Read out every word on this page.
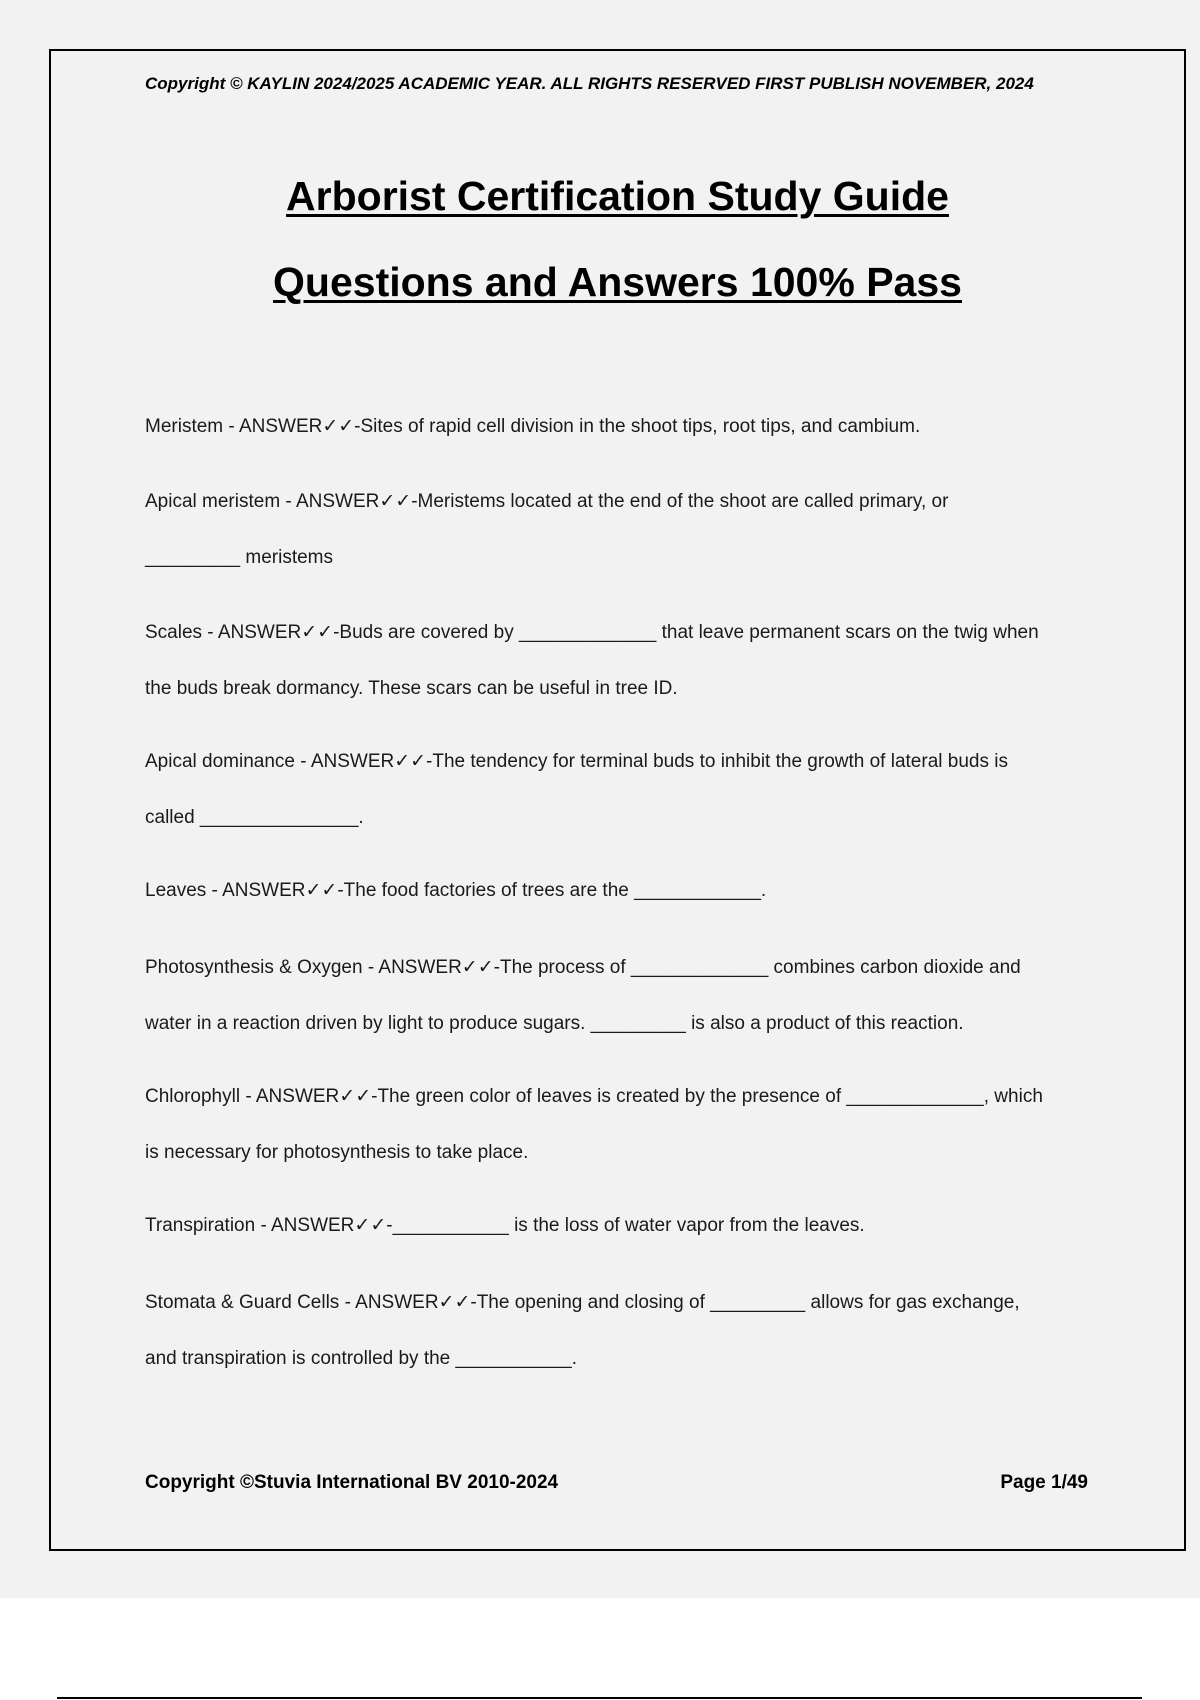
Copyright © KAYLIN 2024/2025 ACADEMIC YEAR. ALL RIGHTS RESERVED FIRST PUBLISH NOVEMBER, 2024
Arborist Certification Study Guide
Questions and Answers 100% Pass
Meristem - ANSWER✓✓-Sites of rapid cell division in the shoot tips, root tips, and cambium.
Apical meristem - ANSWER✓✓-Meristems located at the end of the shoot are called primary, or
_________ meristems
Scales - ANSWER✓✓-Buds are covered by _____________ that leave permanent scars on the twig when
the buds break dormancy. These scars can be useful in tree ID.
Apical dominance - ANSWER✓✓-The tendency for terminal buds to inhibit the growth of lateral buds is
called _______________.
Leaves - ANSWER✓✓-The food factories of trees are the ____________.
Photosynthesis & Oxygen - ANSWER✓✓-The process of _____________ combines carbon dioxide and
water in a reaction driven by light to produce sugars. _________ is also a product of this reaction.
Chlorophyll - ANSWER✓✓-The green color of leaves is created by the presence of _____________, which
is necessary for photosynthesis to take place.
Transpiration - ANSWER✓✓-___________ is the loss of water vapor from the leaves.
Stomata & Guard Cells - ANSWER✓✓-The opening and closing of _________ allows for gas exchange,
and transpiration is controlled by the ___________.
Copyright ©Stuvia International BV 2010-2024	Page 1/49
